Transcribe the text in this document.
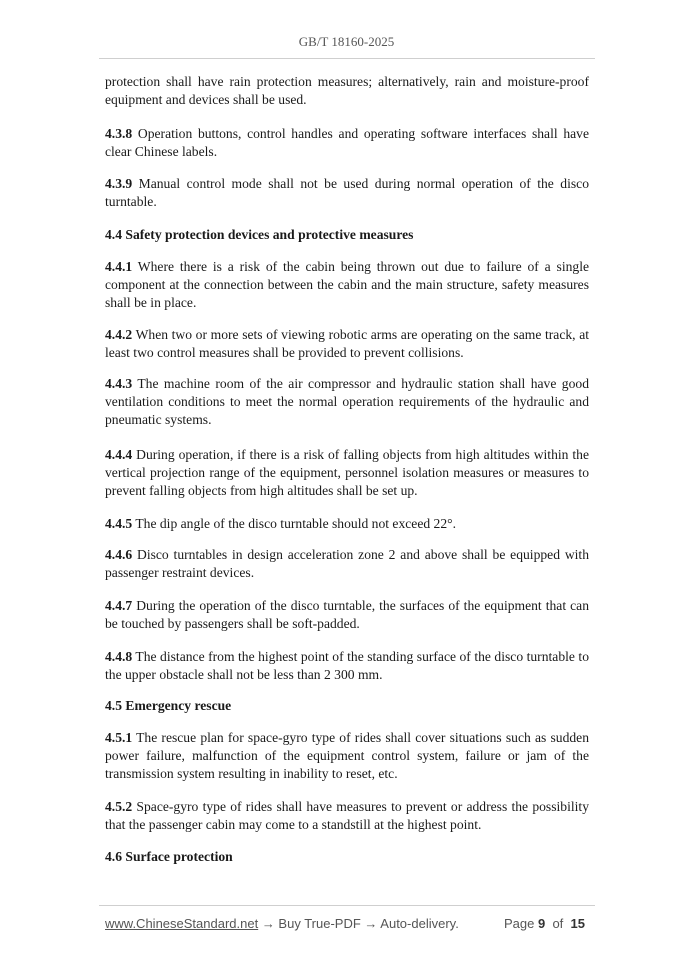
GB/T 18160-2025
protection shall have rain protection measures; alternatively, rain and moisture-proof equipment and devices shall be used.
4.3.8 Operation buttons, control handles and operating software interfaces shall have clear Chinese labels.
4.3.9 Manual control mode shall not be used during normal operation of the disco turntable.
4.4 Safety protection devices and protective measures
4.4.1 Where there is a risk of the cabin being thrown out due to failure of a single component at the connection between the cabin and the main structure, safety measures shall be in place.
4.4.2 When two or more sets of viewing robotic arms are operating on the same track, at least two control measures shall be provided to prevent collisions.
4.4.3 The machine room of the air compressor and hydraulic station shall have good ventilation conditions to meet the normal operation requirements of the hydraulic and pneumatic systems.
4.4.4 During operation, if there is a risk of falling objects from high altitudes within the vertical projection range of the equipment, personnel isolation measures or measures to prevent falling objects from high altitudes shall be set up.
4.4.5 The dip angle of the disco turntable should not exceed 22°.
4.4.6 Disco turntables in design acceleration zone 2 and above shall be equipped with passenger restraint devices.
4.4.7 During the operation of the disco turntable, the surfaces of the equipment that can be touched by passengers shall be soft-padded.
4.4.8 The distance from the highest point of the standing surface of the disco turntable to the upper obstacle shall not be less than 2 300 mm.
4.5 Emergency rescue
4.5.1 The rescue plan for space-gyro type of rides shall cover situations such as sudden power failure, malfunction of the equipment control system, failure or jam of the transmission system resulting in inability to reset, etc.
4.5.2 Space-gyro type of rides shall have measures to prevent or address the possibility that the passenger cabin may come to a standstill at the highest point.
4.6 Surface protection
www.ChineseStandard.net → Buy True-PDF → Auto-delivery.	Page 9 of 15
